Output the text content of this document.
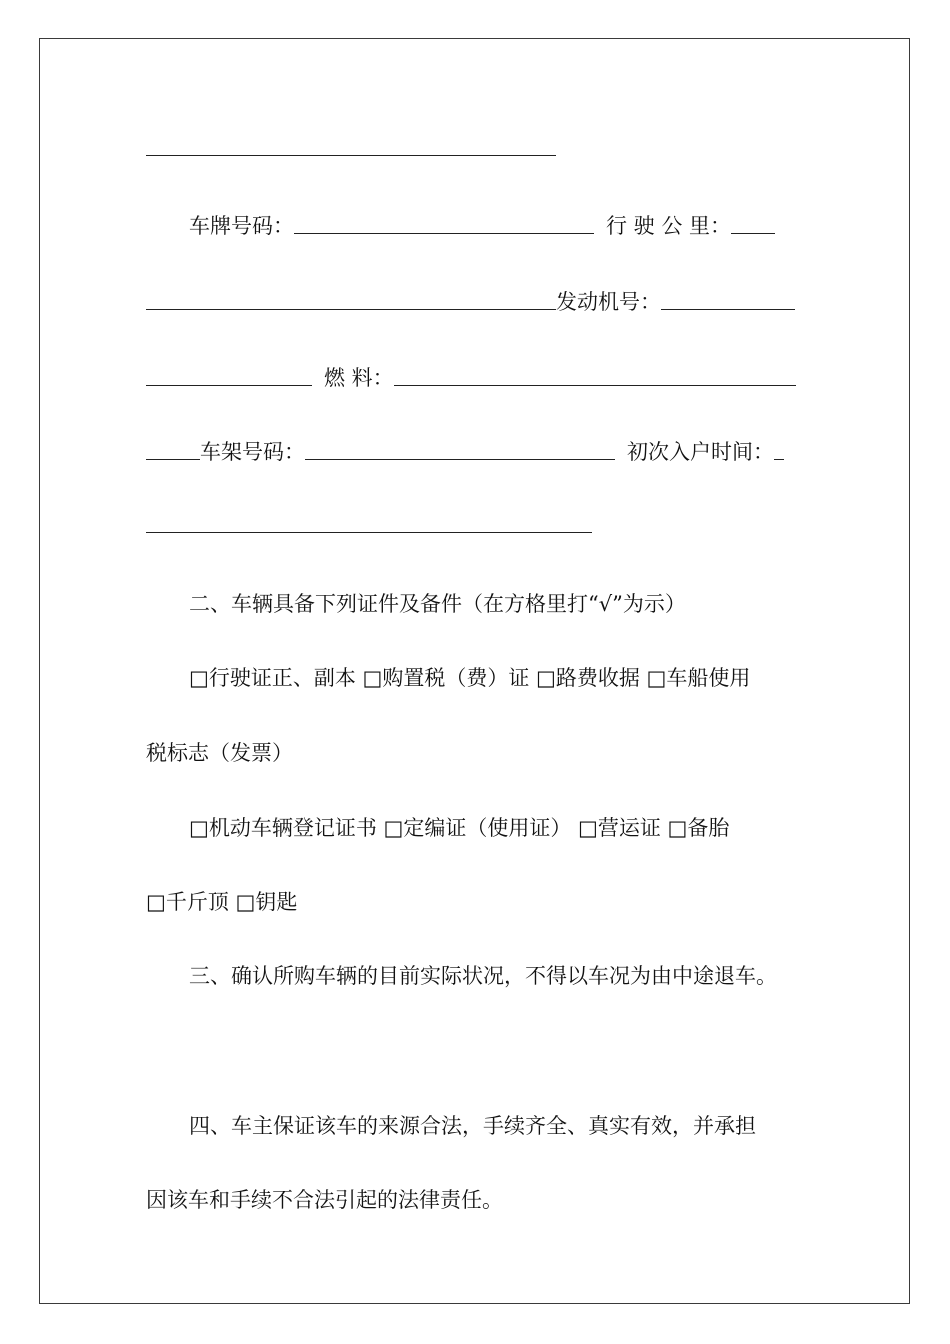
车牌号码：	行 驶 公 里：
发动机号：
燃 料：
车架号码：	初次入户时间：
二、车辆具备下列证件及备件（在方格里打“√”为示）
□行驶证正、副本 □购置税（费）证 □路费收据 □车船使用
税标志（发票）
□机动车辆登记证书 □定编证（使用证） □营运证 □备胎
□千斤顶 □钥匙
三、确认所购车辆的目前实际状况，不得以车况为由中途退车。
四、车主保证该车的来源合法，手续齐全、真实有效，并承担
因该车和手续不合法引起的法律责任。
